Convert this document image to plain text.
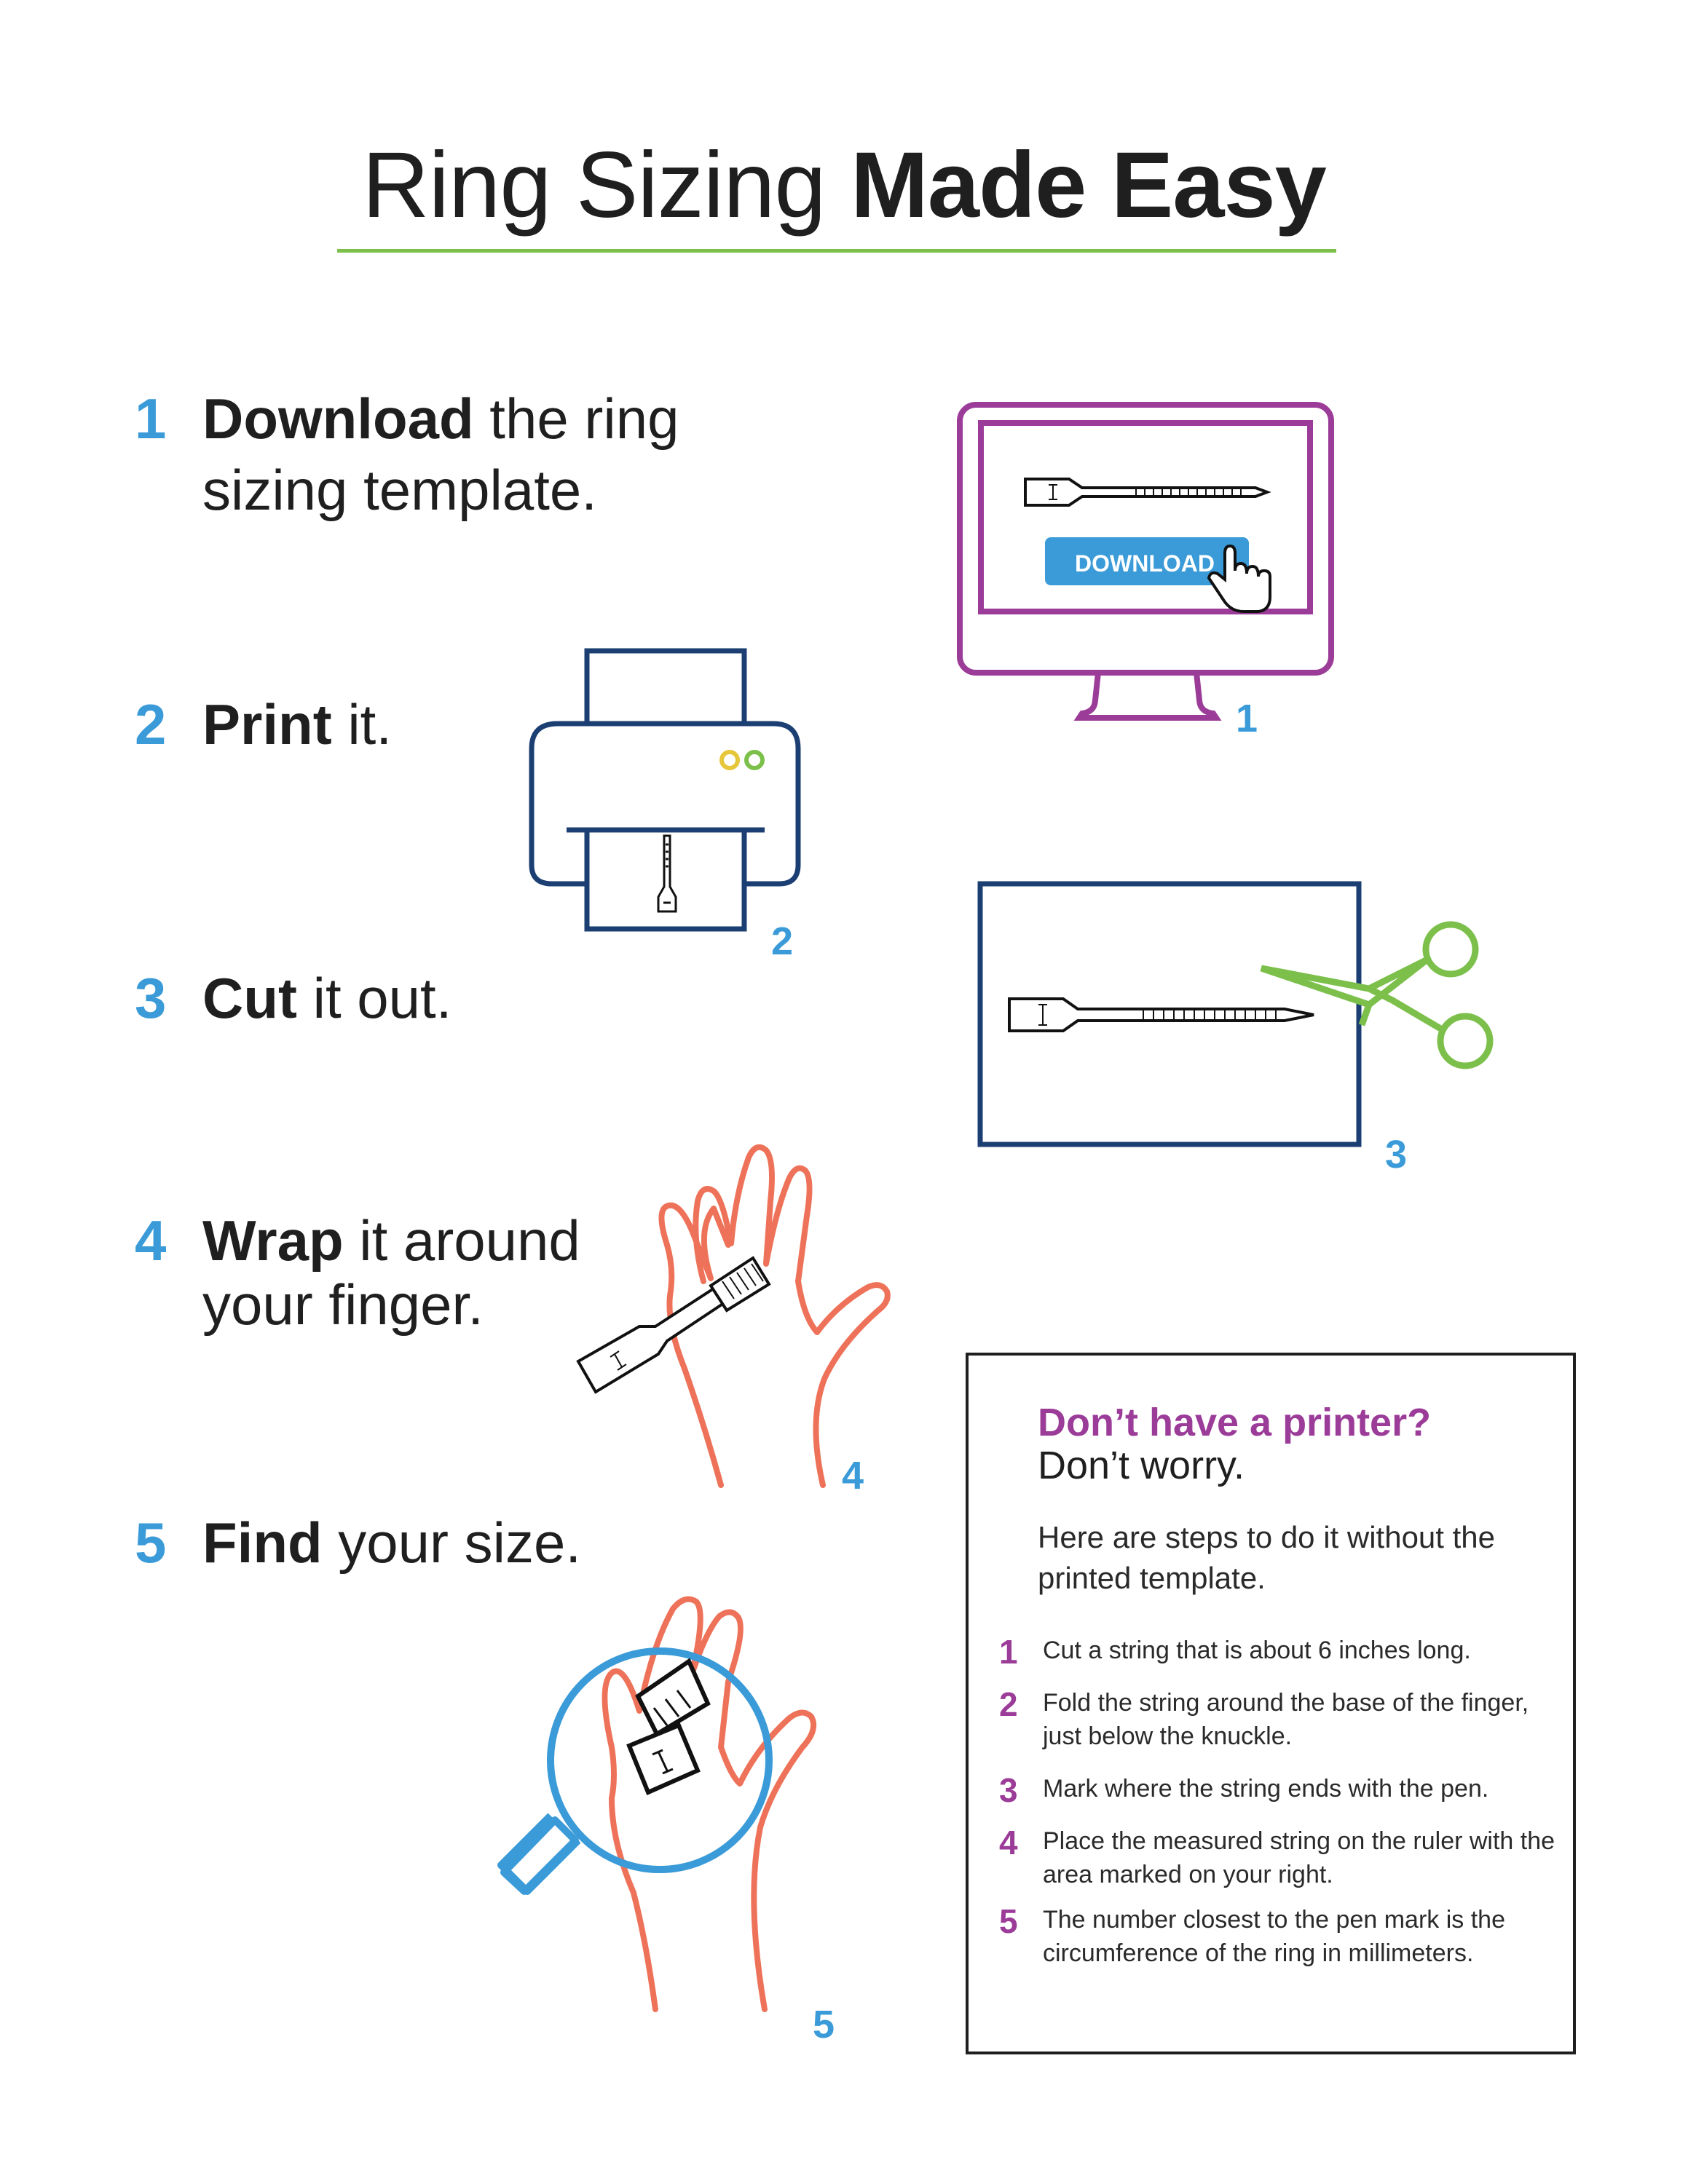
Ring Sizing Made Easy
1 Download the ring
sizing template.
2 Print it.
3 Cut it out.
4 Wrap it around
your finger.
5 Find your size.
DOWNLOAD
1
2
3
4
5
Don’t have a printer?
Don’t worry.
Here are steps to do it without the printed template.
1 Cut a string that is about 6 inches long.
2 Fold the string around the base of the finger, just below the knuckle.
3 Mark where the string ends with the pen.
4 Place the measured string on the ruler with the area marked on your right.
5 The number closest to the pen mark is the circumference of the ring in millimeters.
